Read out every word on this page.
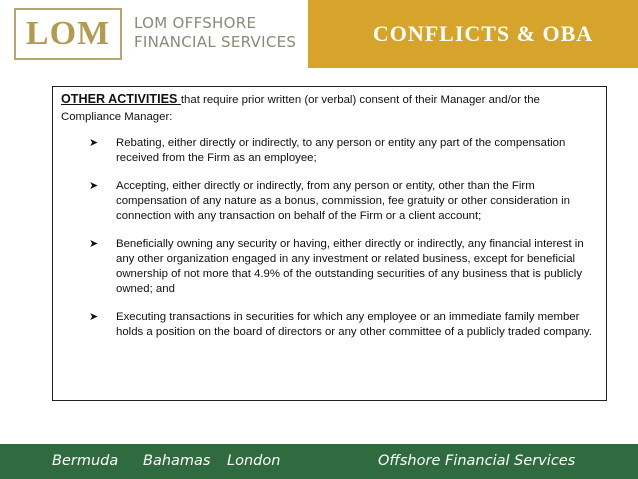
LOM LOM OFFSHORE
FINANCIAL SERVICES	CONFLICTS & OBA

OTHER ACTIVITIES that require prior written (or verbal) consent of their Manager and/or the Compliance Manager:

➤ Rebating, either directly or indirectly, to any person or entity any part of the compensation received from the Firm as an employee;
➤ Accepting, either directly or indirectly, from any person or entity, other than the Firm compensation of any nature as a bonus, commission, fee gratuity or other consideration in connection with any transaction on behalf of the Firm or a client account;
➤ Beneficially owning any security or having, either directly or indirectly, any financial interest in any other organization engaged in any investment or related business, except for beneficial ownership of not more that 4.9% of the outstanding securities of any business that is publicly owned; and
➤ Executing transactions in securities for which any employee or an immediate family member holds a position on the board of directors or any other committee of a publicly traded company.
Bermuda Bahamas London	Offshore Financial Services
